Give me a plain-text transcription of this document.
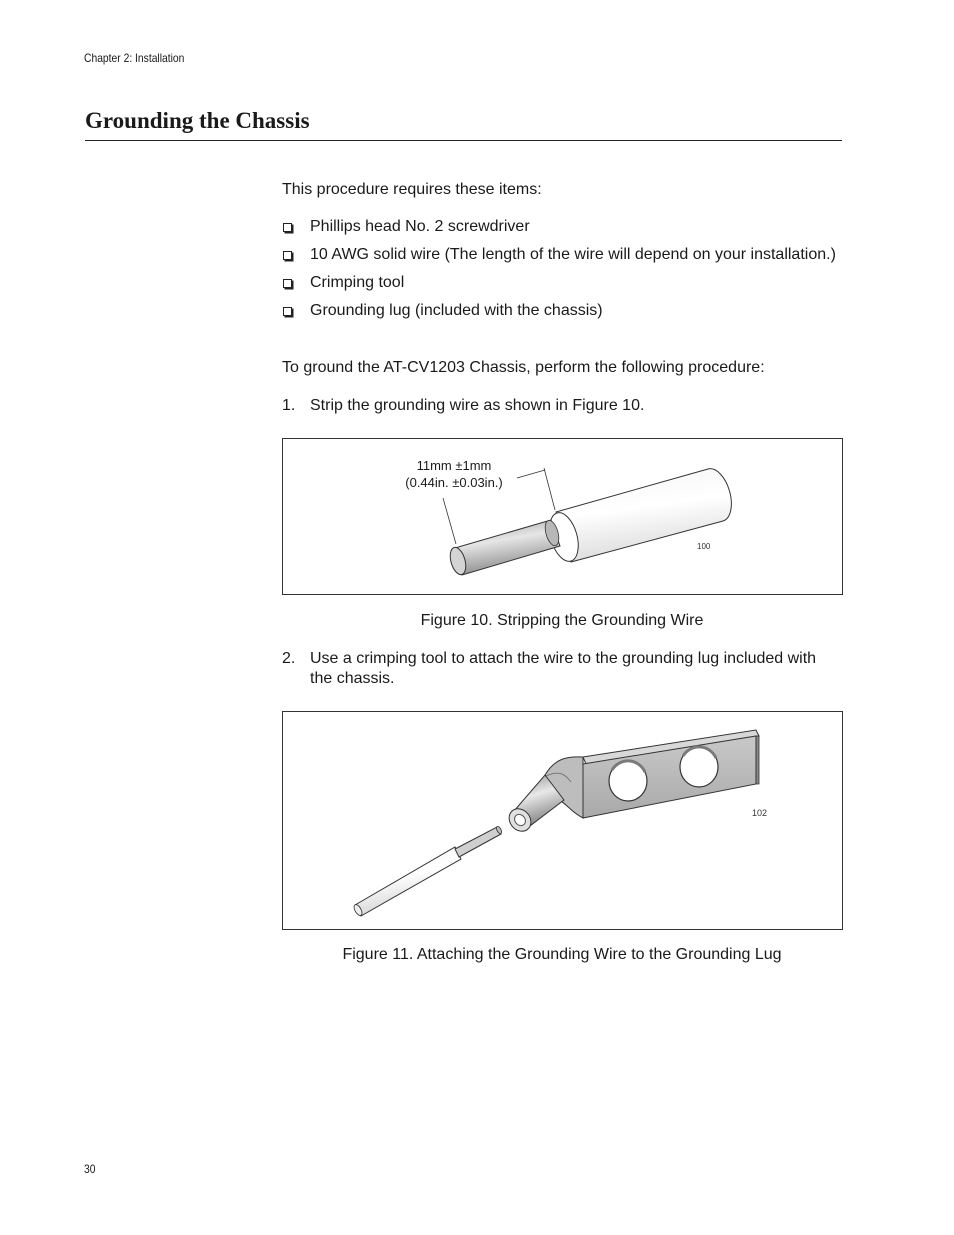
Chapter 2: Installation
Grounding the Chassis
This procedure requires these items:
Phillips head No. 2 screwdriver
10 AWG solid wire (The length of the wire will depend on your installation.)
Crimping tool
Grounding lug (included with the chassis)
To ground the AT-CV1203 Chassis, perform the following procedure:
1. Strip the grounding wire as shown in Figure 10.
11mm ±1mm
(0.44in. ±0.03in.)
100
Figure 10. Stripping the Grounding Wire
2. Use a crimping tool to attach the wire to the grounding lug included with the chassis.
102
Figure 11. Attaching the Grounding Wire to the Grounding Lug
30
